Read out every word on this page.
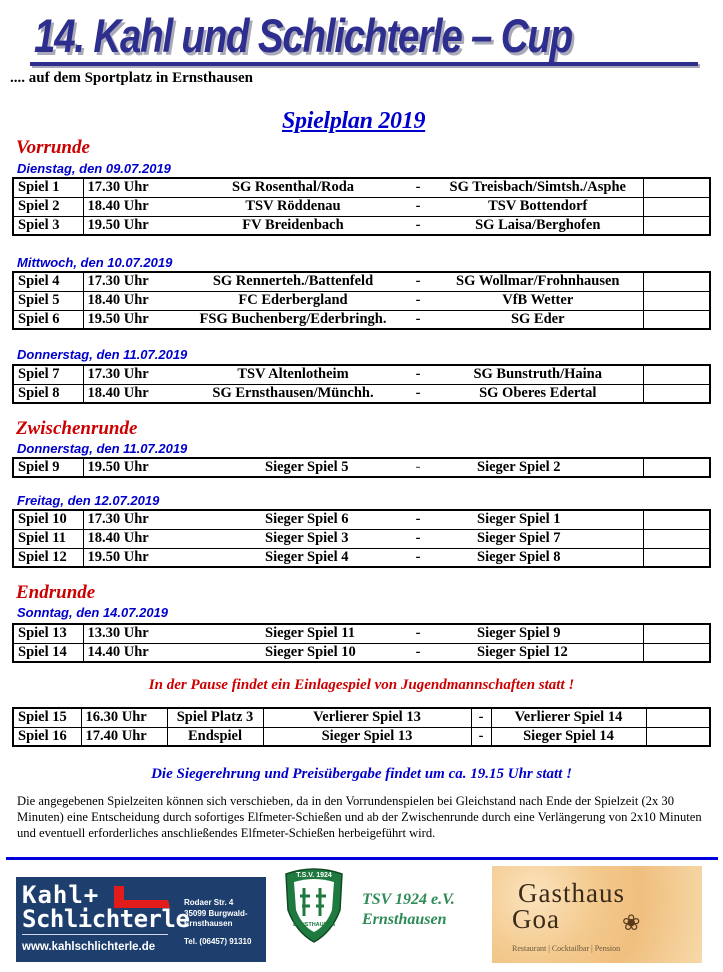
14. Kahl und Schlichterle – Cup
.... auf dem Sportplatz in Ernsthausen
Spielplan 2019
Vorrunde
Dienstag, den 09.07.2019
Spiel 1	17.30 Uhr	SG Rosenthal/Roda	-	SG Treisbach/Simtsh./Asphe	
Spiel 2	18.40 Uhr	TSV Röddenau	-	TSV Bottendorf	
Spiel 3	19.50 Uhr	FV Breidenbach	-	SG Laisa/Berghofen	
Mittwoch, den 10.07.2019
Spiel 4	17.30 Uhr	SG Rennerteh./Battenfeld	-	SG Wollmar/Frohnhausen	
Spiel 5	18.40 Uhr	FC Ederbergland	-	VfB Wetter	
Spiel 6	19.50 Uhr	FSG Buchenberg/Ederbringh.	-	SG Eder	
Donnerstag, den 11.07.2019
Spiel 7	17.30 Uhr	TSV Altenlotheim	-	SG Bunstruth/Haina	
Spiel 8	18.40 Uhr	SG Ernsthausen/Münchh.	-	SG Oberes Edertal	
Zwischenrunde
Donnerstag, den 11.07.2019
Spiel 9	19.50 Uhr	Sieger Spiel 5	-	Sieger Spiel 2	
Freitag, den 12.07.2019
Spiel 10	17.30 Uhr	Sieger Spiel 6	-	Sieger Spiel 1	
Spiel 11	18.40 Uhr	Sieger Spiel 3	-	Sieger Spiel 7	
Spiel 12	19.50 Uhr	Sieger Spiel 4	-	Sieger Spiel 8	
Endrunde
Sonntag, den 14.07.2019
Spiel 13	13.30 Uhr	Sieger Spiel 11	-	Sieger Spiel 9	
Spiel 14	14.40 Uhr	Sieger Spiel 10	-	Sieger Spiel 12	
In der Pause findet ein Einlagespiel von Jugendmannschaften statt !
Spiel 15	16.30 Uhr	Spiel Platz 3	Verlierer Spiel 13	-	Verlierer Spiel 14	
Spiel 16	17.40 Uhr	Endspiel	Sieger Spiel 13	-	Sieger Spiel 14	
Die Siegerehrung und Preisübergabe findet um ca. 19.15 Uhr statt !
Die angegebenen Spielzeiten können sich verschieben, da in den Vorrundenspielen bei Gleichstand nach Ende der Spielzeit (2x 30 Minuten) eine Entscheidung durch sofortiges Elfmeter-Schießen und ab der Zwischenrunde durch eine Verlängerung von 2x10 Minuten und eventuell erforderliches anschließendes Elfmeter-Schießen herbeigeführt wird.
Kahl+
Schlichterle
www.kahlschlichterle.de
Rodaer Str. 4
35099 Burgwald-
Ernsthausen
Tel. (06457) 91310
T.S.V. 1924
ERNSTHAUSEN
TSV 1924 e.V.
Ernsthausen
Gasthaus
Goa	❀
Restaurant | Cocktailbar | Pension
